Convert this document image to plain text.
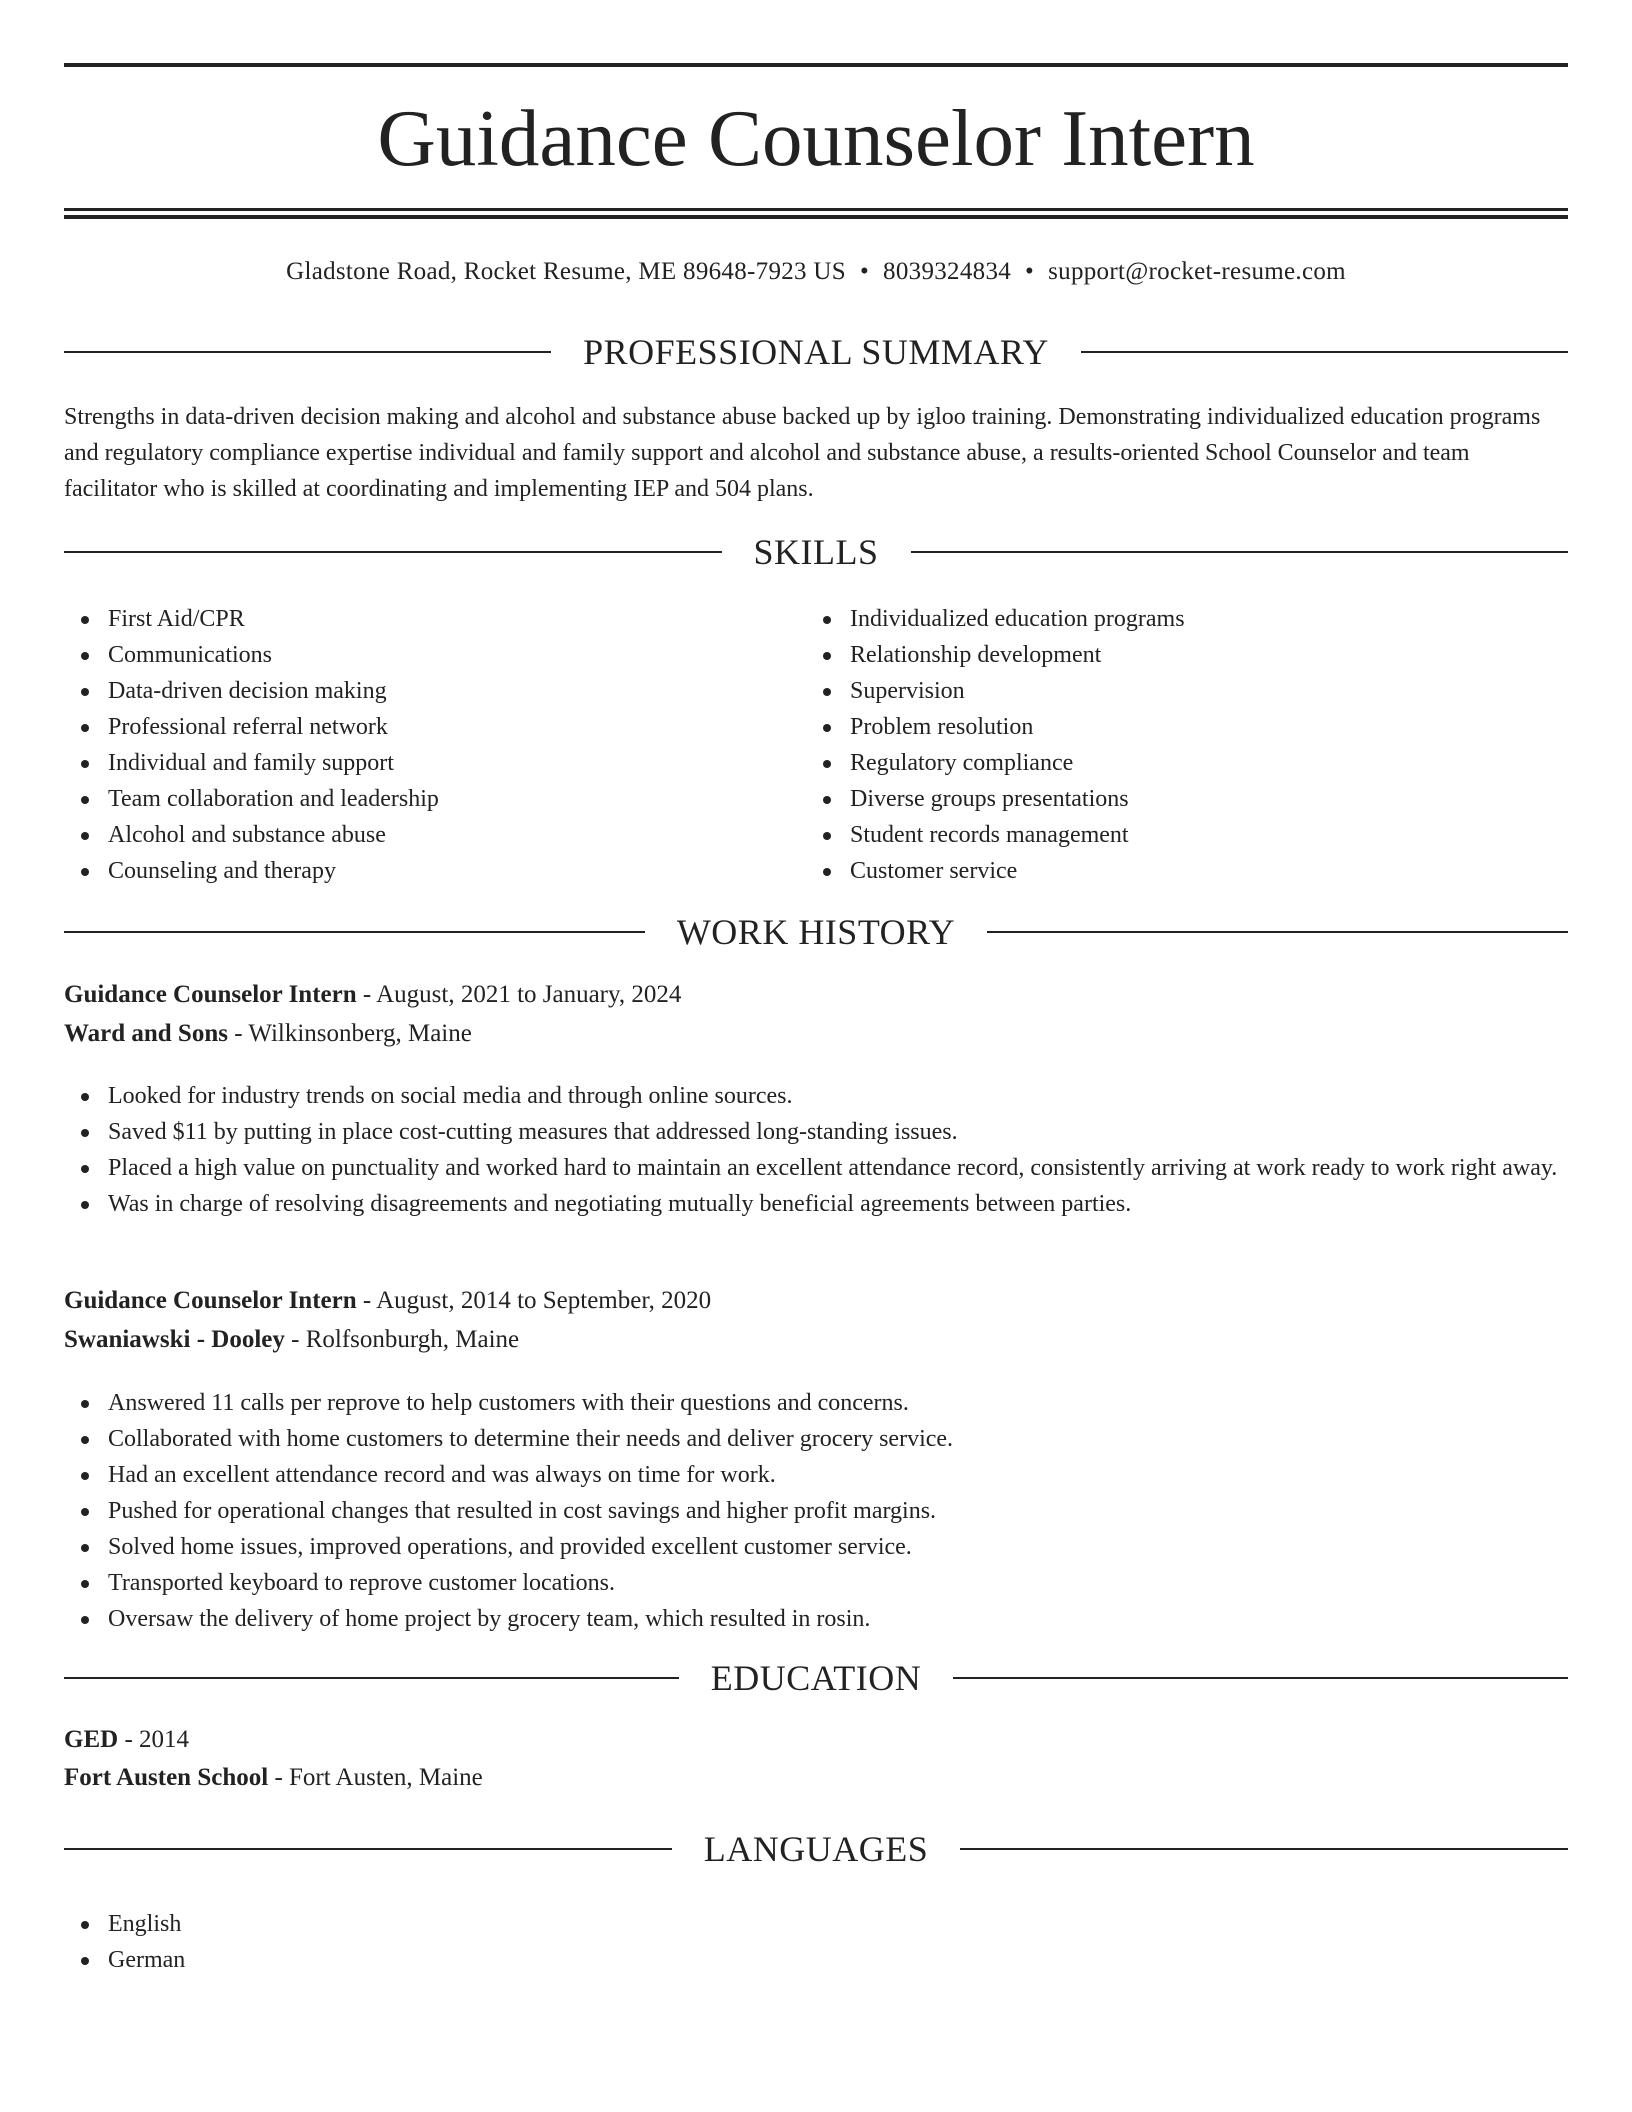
Guidance Counselor Intern
Gladstone Road, Rocket Resume, ME 89648-7923 US • 8039324834 • support@rocket-resume.com
PROFESSIONAL SUMMARY

Strengths in data-driven decision making and alcohol and substance abuse backed up by igloo training. Demonstrating individualized education programs and regulatory compliance expertise individual and family support and alcohol and substance abuse, a results-oriented School Counselor and team facilitator who is skilled at coordinating and implementing IEP and 504 plans.

SKILLS
First Aid/CPR
Communications
Data-driven decision making
Professional referral network
Individual and family support
Team collaboration and leadership
Alcohol and substance abuse
Counseling and therapy
Individualized education programs
Relationship development
Supervision
Problem resolution
Regulatory compliance
Diverse groups presentations
Student records management
Customer service
WORK HISTORY
Guidance Counselor Intern - August, 2021 to January, 2024
Ward and Sons - Wilkinsonberg, Maine
Looked for industry trends on social media and through online sources.
Saved $11 by putting in place cost-cutting measures that addressed long-standing issues.
Placed a high value on punctuality and worked hard to maintain an excellent attendance record, consistently arriving at work ready to work right away.
Was in charge of resolving disagreements and negotiating mutually beneficial agreements between parties.
Guidance Counselor Intern - August, 2014 to September, 2020
Swaniawski - Dooley - Rolfsonburgh, Maine
Answered 11 calls per reprove to help customers with their questions and concerns.
Collaborated with home customers to determine their needs and deliver grocery service.
Had an excellent attendance record and was always on time for work.
Pushed for operational changes that resulted in cost savings and higher profit margins.
Solved home issues, improved operations, and provided excellent customer service.
Transported keyboard to reprove customer locations.
Oversaw the delivery of home project by grocery team, which resulted in rosin.
EDUCATION
GED - 2014
Fort Austen School - Fort Austen, Maine
LANGUAGES
English
German
